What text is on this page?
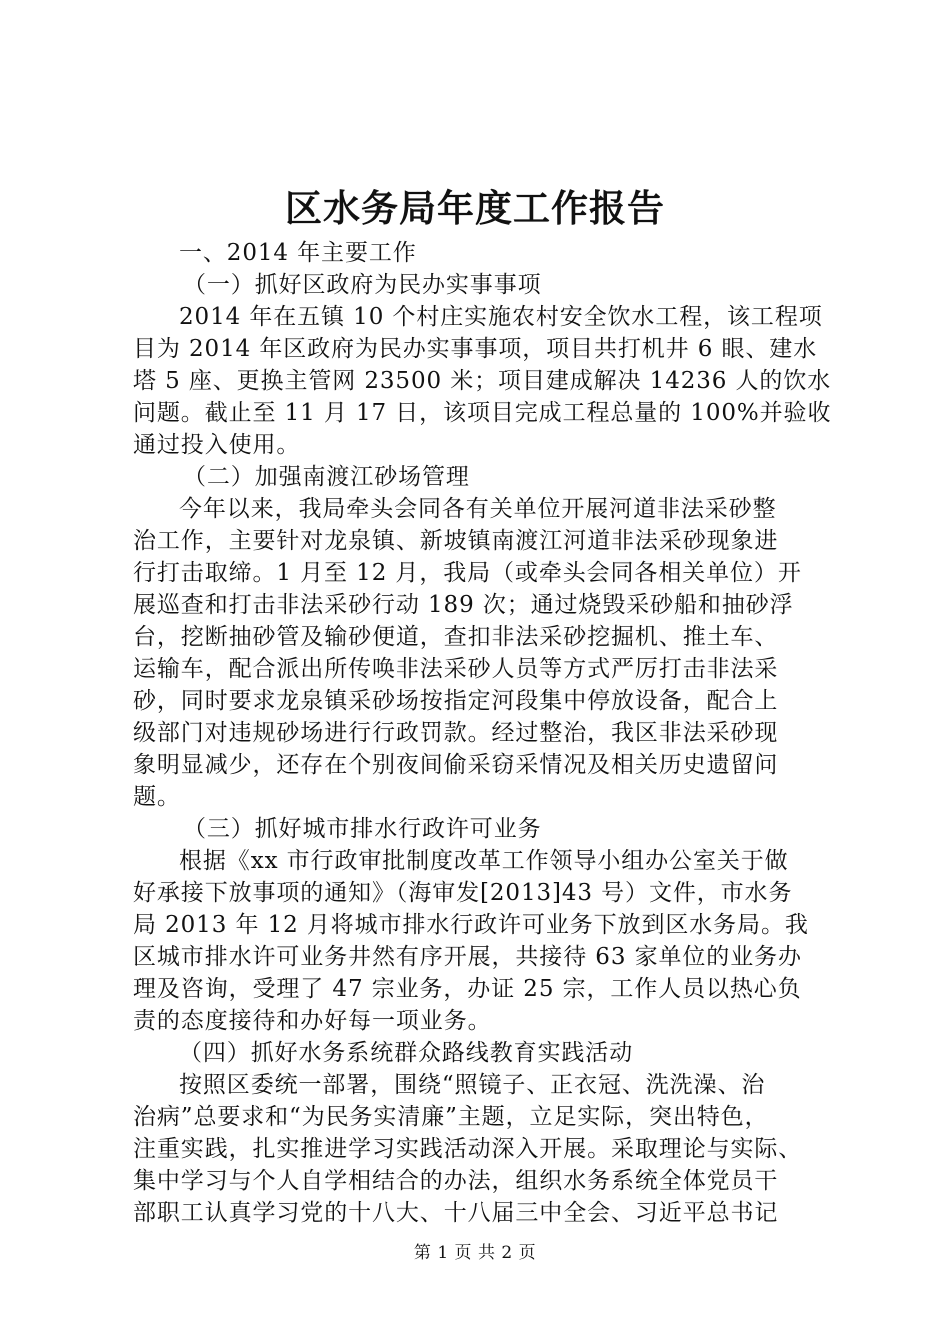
区水务局年度工作报告
一、2014 年主要工作
（一）抓好区政府为民办实事事项
2014 年在五镇 10 个村庄实施农村安全饮水工程，该工程项
目为 2014 年区政府为民办实事事项，项目共打机井 6 眼、建水
塔 5 座、更换主管网 23500 米；项目建成解决 14236 人的饮水
问题。截止至 11 月 17 日，该项目完成工程总量的 100%并验收
通过投入使用。
（二）加强南渡江砂场管理
今年以来，我局牵头会同各有关单位开展河道非法采砂整
治工作，主要针对龙泉镇、新坡镇南渡江河道非法采砂现象进
行打击取缔。1 月至 12 月，我局（或牵头会同各相关单位）开
展巡查和打击非法采砂行动 189 次；通过烧毁采砂船和抽砂浮
台，挖断抽砂管及输砂便道，查扣非法采砂挖掘机、推土车、
运输车，配合派出所传唤非法采砂人员等方式严厉打击非法采
砂，同时要求龙泉镇采砂场按指定河段集中停放设备，配合上
级部门对违规砂场进行行政罚款。经过整治，我区非法采砂现
象明显减少，还存在个别夜间偷采窃采情况及相关历史遗留问
题。
（三）抓好城市排水行政许可业务
根据《xx 市行政审批制度改革工作领导小组办公室关于做
好承接下放事项的通知》（海审发[2013]43 号）文件，市水务
局 2013 年 12 月将城市排水行政许可业务下放到区水务局。我
区城市排水许可业务井然有序开展，共接待 63 家单位的业务办
理及咨询，受理了 47 宗业务，办证 25 宗，工作人员以热心负
责的态度接待和办好每一项业务。
（四）抓好水务系统群众路线教育实践活动
按照区委统一部署，围绕“照镜子、正衣冠、洗洗澡、治
治病”总要求和“为民务实清廉”主题，立足实际，突出特色，
注重实践，扎实推进学习实践活动深入开展。采取理论与实际、
集中学习与个人自学相结合的办法，组织水务系统全体党员干
部职工认真学习党的十八大、十八届三中全会、习近平总书记
第 1 页 共 2 页
